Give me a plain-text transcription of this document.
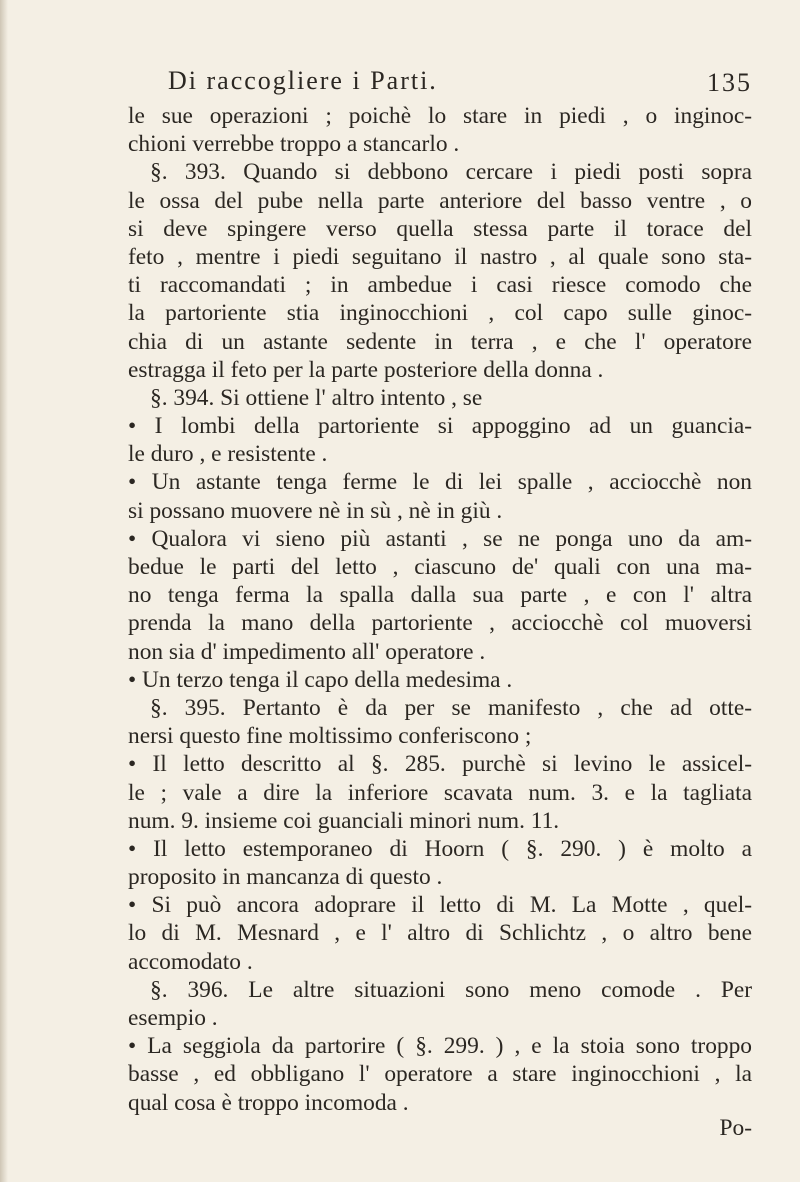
Di raccogliere i Parti.	135
le sue operazioni ; poichè lo stare in piedi , o inginoc-
chioni verrebbe troppo a stancarlo .
§. 393. Quando si debbono cercare i piedi posti sopra
le ossa del pube nella parte anteriore del basso ventre , o
si deve spingere verso quella stessa parte il torace del
feto , mentre i piedi seguitano il nastro , al quale sono sta-
ti raccomandati ; in ambedue i casi riesce comodo che
la partoriente stia inginocchioni , col capo sulle ginoc-
chia di un astante sedente in terra , e che l' operatore
estragga il feto per la parte posteriore della donna .
§. 394. Si ottiene l' altro intento , se
• I lombi della partoriente si appoggino ad un guancia-
le duro , e resistente .
• Un astante tenga ferme le di lei spalle , acciocchè non
si possano muovere nè in sù , nè in giù .
• Qualora vi sieno più astanti , se ne ponga uno da am-
bedue le parti del letto , ciascuno de' quali con una ma-
no tenga ferma la spalla dalla sua parte , e con l' altra
prenda la mano della partoriente , acciocchè col muoversi
non sia d' impedimento all' operatore .
• Un terzo tenga il capo della medesima .
§. 395. Pertanto è da per se manifesto , che ad otte-
nersi questo fine moltissimo conferiscono ;
• Il letto descritto al §. 285. purchè si levino le assicel-
le ; vale a dire la inferiore scavata num. 3. e la tagliata
num. 9. insieme coi guanciali minori num. 11.
• Il letto estemporaneo di Hoorn ( §. 290. ) è molto a
proposito in mancanza di questo .
• Si può ancora adoprare il letto di M. La Motte , quel-
lo di M. Mesnard , e l' altro di Schlichtz , o altro bene
accomodato .
§. 396. Le altre situazioni sono meno comode . Per
esempio .
• La seggiola da partorire ( §. 299. ) , e la stoia sono troppo
basse , ed obbligano l' operatore a stare inginocchioni , la
qual cosa è troppo incomoda .
Po-
